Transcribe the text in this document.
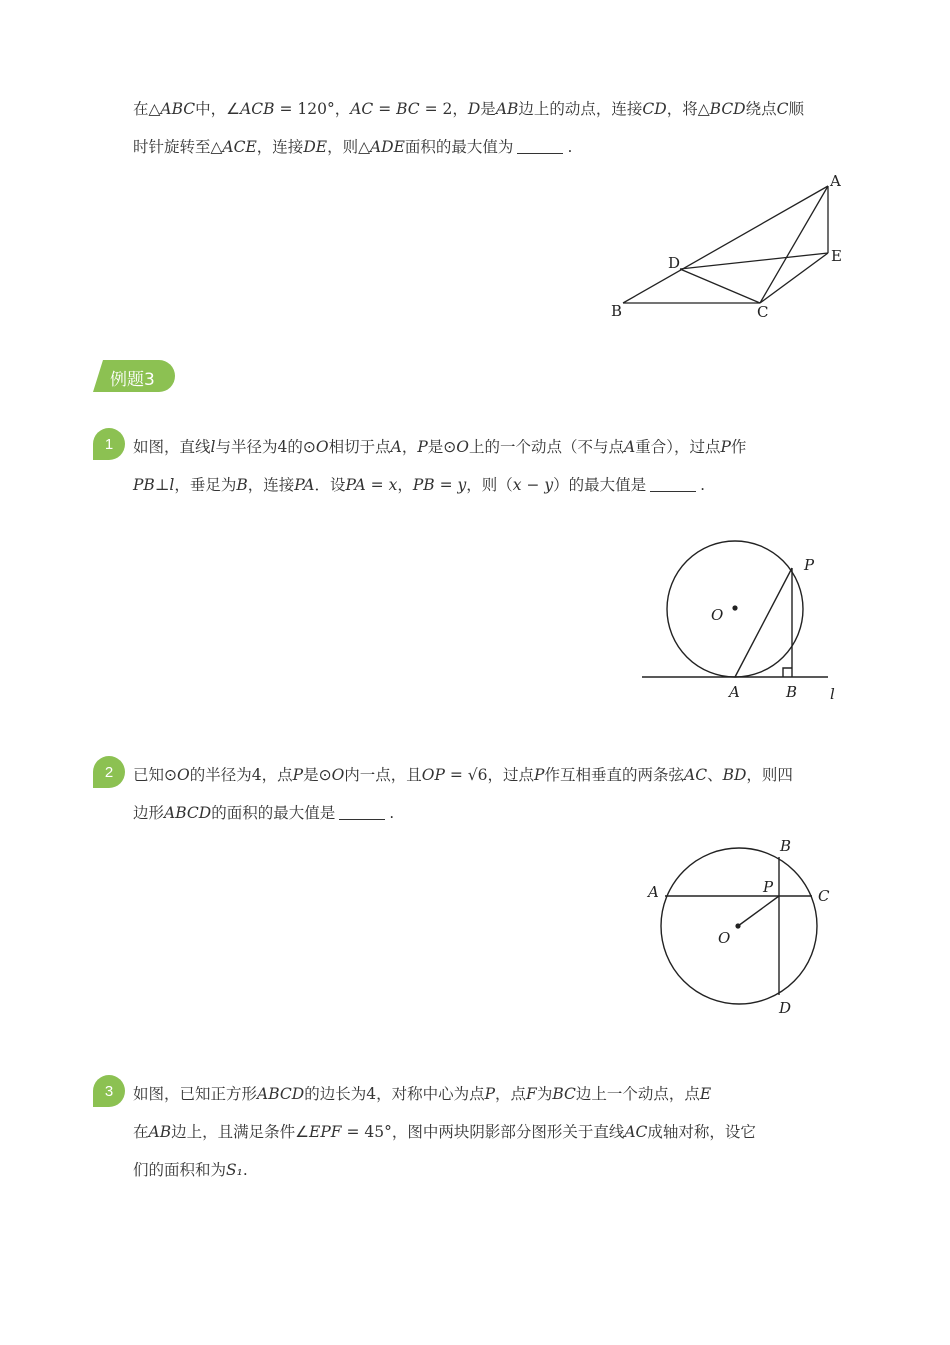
在△ABC中，∠ACB = 120°，AC = BC = 2，D是AB边上的动点，连接CD，将△BCD绕点C顺
时针旋转至△ACE，连接DE，则△ADE面积的最大值为	.
A
B	C
D	E
例题3
1 如图，直线l与半径为4的⊙O相切于点A，P是⊙O上的一个动点（不与点A重合），过点P作
PB⊥l，垂足为B，连接PA．设PA = x，PB = y，则（x − y）的最大值是	.
O
P
A	B l
2 已知⊙O的半径为4，点P是⊙O内一点，且OP = √6，过点P作互相垂直的两条弦AC、BD，则四
边形ABCD的面积的最大值是	.
A
B
C
D
P
O
3 如图，已知正方形ABCD的边长为4，对称中心为点P，点F为BC边上一个动点，点E
在AB边上，且满足条件∠EPF = 45°，图中两块阴影部分图形关于直线AC成轴对称，设它
们的面积和为S₁.
